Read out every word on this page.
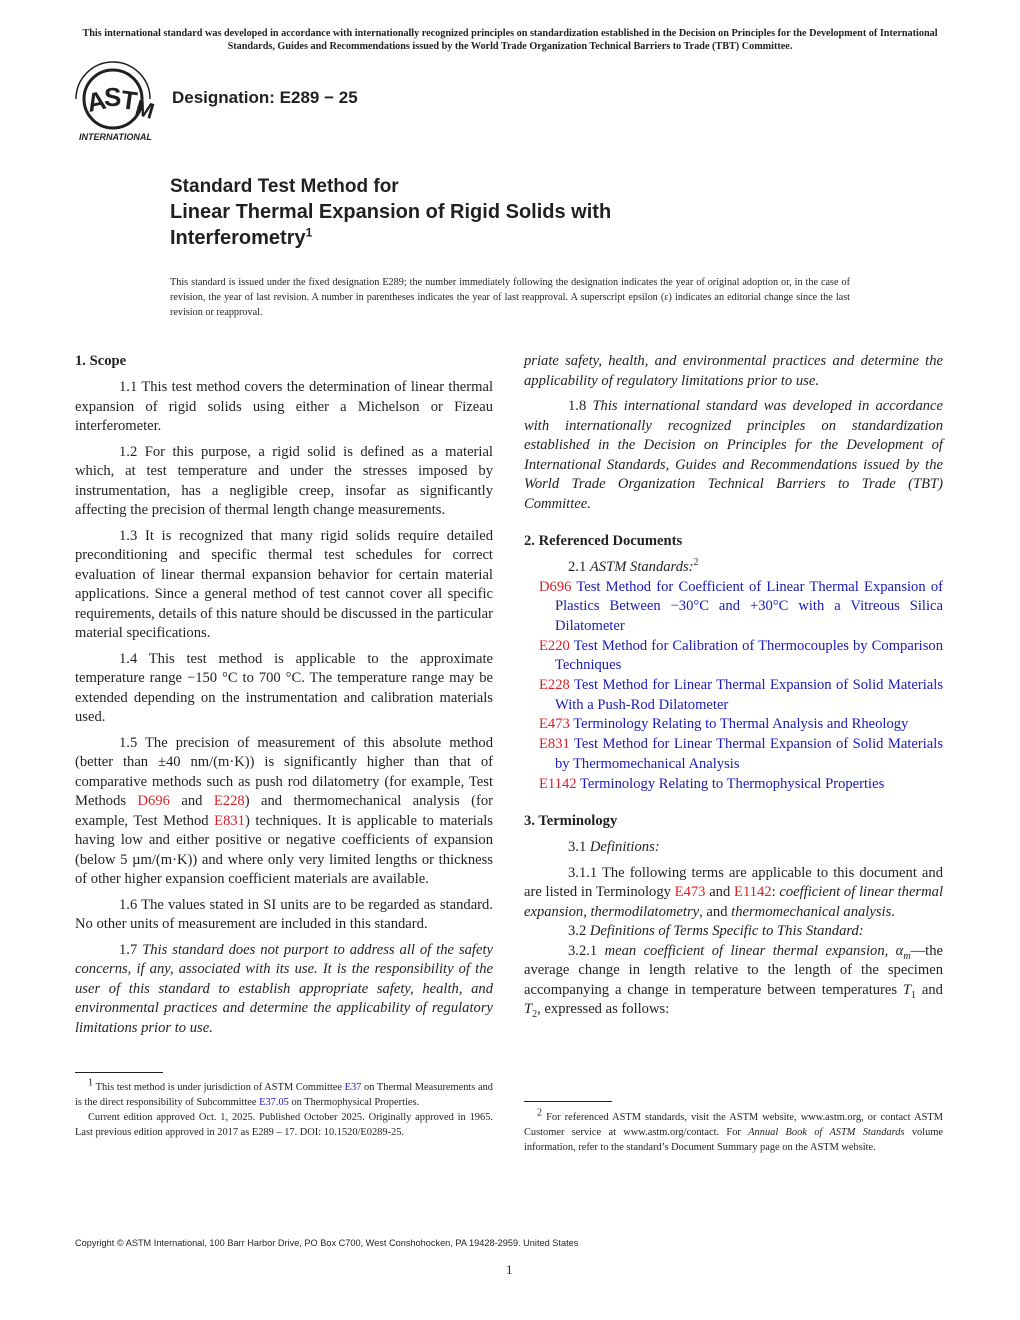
This international standard was developed in accordance with internationally recognized principles on standardization established in the Decision on Principles for the Development of International Standards, Guides and Recommendations issued by the World Trade Organization Technical Barriers to Trade (TBT) Committee.
A
S
T
M
INTERNATIONAL
Designation: E289 − 25
Standard Test Method for
Linear Thermal Expansion of Rigid Solids with
Interferometry$^1$
This standard is issued under the fixed designation E289; the number immediately following the designation indicates the year of original adoption or, in the case of revision, the year of last revision. A number in parentheses indicates the year of last reapproval. A superscript epsilon (ε) indicates an editorial change since the last revision or reapproval.
1. Scope

1.1 This test method covers the determination of linear thermal expansion of rigid solids using either a Michelson or Fizeau interferometer.

1.2 For this purpose, a rigid solid is defined as a material which, at test temperature and under the stresses imposed by instrumentation, has a negligible creep, insofar as significantly affecting the precision of thermal length change measurements.

1.3 It is recognized that many rigid solids require detailed preconditioning and specific thermal test schedules for correct evaluation of linear thermal expansion behavior for certain material applications. Since a general method of test cannot cover all specific requirements, details of this nature should be discussed in the particular material specifications.

1.4 This test method is applicable to the approximate temperature range −150 °C to 700 °C. The temperature range may be extended depending on the instrumentation and calibration materials used.

1.5 The precision of measurement of this absolute method (better than ±40 nm/(m·K)) is significantly higher than that of comparative methods such as push rod dilatometry (for example, Test Methods D696 and E228) and thermomechanical analysis (for example, Test Method E831) techniques. It is applicable to materials having low and either positive or negative coefficients of expansion (below 5 µm/(m·K)) and where only very limited lengths or thickness of other higher expansion coefficient materials are available.

1.6 The values stated in SI units are to be regarded as standard. No other units of measurement are included in this standard.

1.7 This standard does not purport to address all of the safety concerns, if any, associated with its use. It is the responsibility of the user of this standard to establish appropriate safety, health, and environmental practices and determine the applicability of regulatory limitations prior to use.

$^1$ This test method is under jurisdiction of ASTM Committee E37 on Thermal Measurements and is the direct responsibility of Subcommittee E37.05 on Thermophysical Properties.

Current edition approved Oct. 1, 2025. Published October 2025. Originally approved in 1965. Last previous edition approved in 2017 as E289 – 17. DOI: 10.1520/E0289-25.

priate safety, health, and environmental practices and determine the applicability of regulatory limitations prior to use.

1.8 This international standard was developed in accordance with internationally recognized principles on standardization established in the Decision on Principles for the Development of International Standards, Guides and Recommendations issued by the World Trade Organization Technical Barriers to Trade (TBT) Committee.

2. Referenced Documents

2.1 ASTM Standards:$^2$

D696 Test Method for Coefficient of Linear Thermal Expansion of Plastics Between −30°C and +30°C with a Vitreous Silica Dilatometer
E220 Test Method for Calibration of Thermocouples by Comparison Techniques
E228 Test Method for Linear Thermal Expansion of Solid Materials With a Push-Rod Dilatometer
E473 Terminology Relating to Thermal Analysis and Rheology
E831 Test Method for Linear Thermal Expansion of Solid Materials by Thermomechanical Analysis
E1142 Terminology Relating to Thermophysical Properties
3. Terminology

3.1 Definitions:

3.1.1 The following terms are applicable to this document and are listed in Terminology E473 and E1142: coefficient of linear thermal expansion, thermodilatometry, and thermomechanical analysis.

3.2 Definitions of Terms Specific to This Standard:

3.2.1 mean coefficient of linear thermal expansion, $\alpha_m—the$ average change in length relative to the length of the specimen accompanying a change in temperature between temperatures $T_1$ and $T_2$, expressed as follows:

$^2$ For referenced ASTM standards, visit the ASTM website, www.astm.org, or contact ASTM Customer service at www.astm.org/contact. For Annual Book of ASTM Standards volume information, refer to the standard’s Document Summary page on the ASTM website.

Copyright © ASTM International, 100 Barr Harbor Drive, PO Box C700, West Conshohocken, PA 19428-2959. United States
1
